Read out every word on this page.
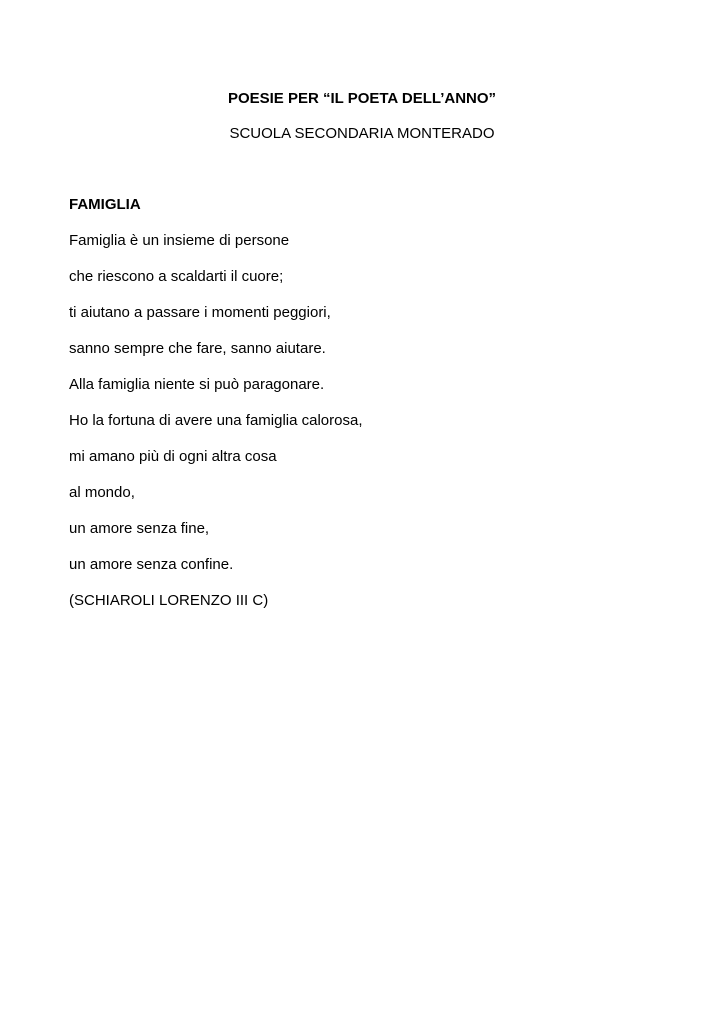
POESIE PER “IL POETA DELL’ANNO”
SCUOLA SECONDARIA MONTERADO
FAMIGLIA
Famiglia è un insieme di persone
che riescono a scaldarti il cuore;
ti aiutano a passare i momenti peggiori,
sanno sempre che fare, sanno aiutare.
Alla famiglia niente si può paragonare.
Ho la fortuna di avere una famiglia calorosa,
mi amano più di ogni altra cosa
al mondo,
un amore senza fine,
un amore senza confine.
(SCHIAROLI LORENZO III C)
